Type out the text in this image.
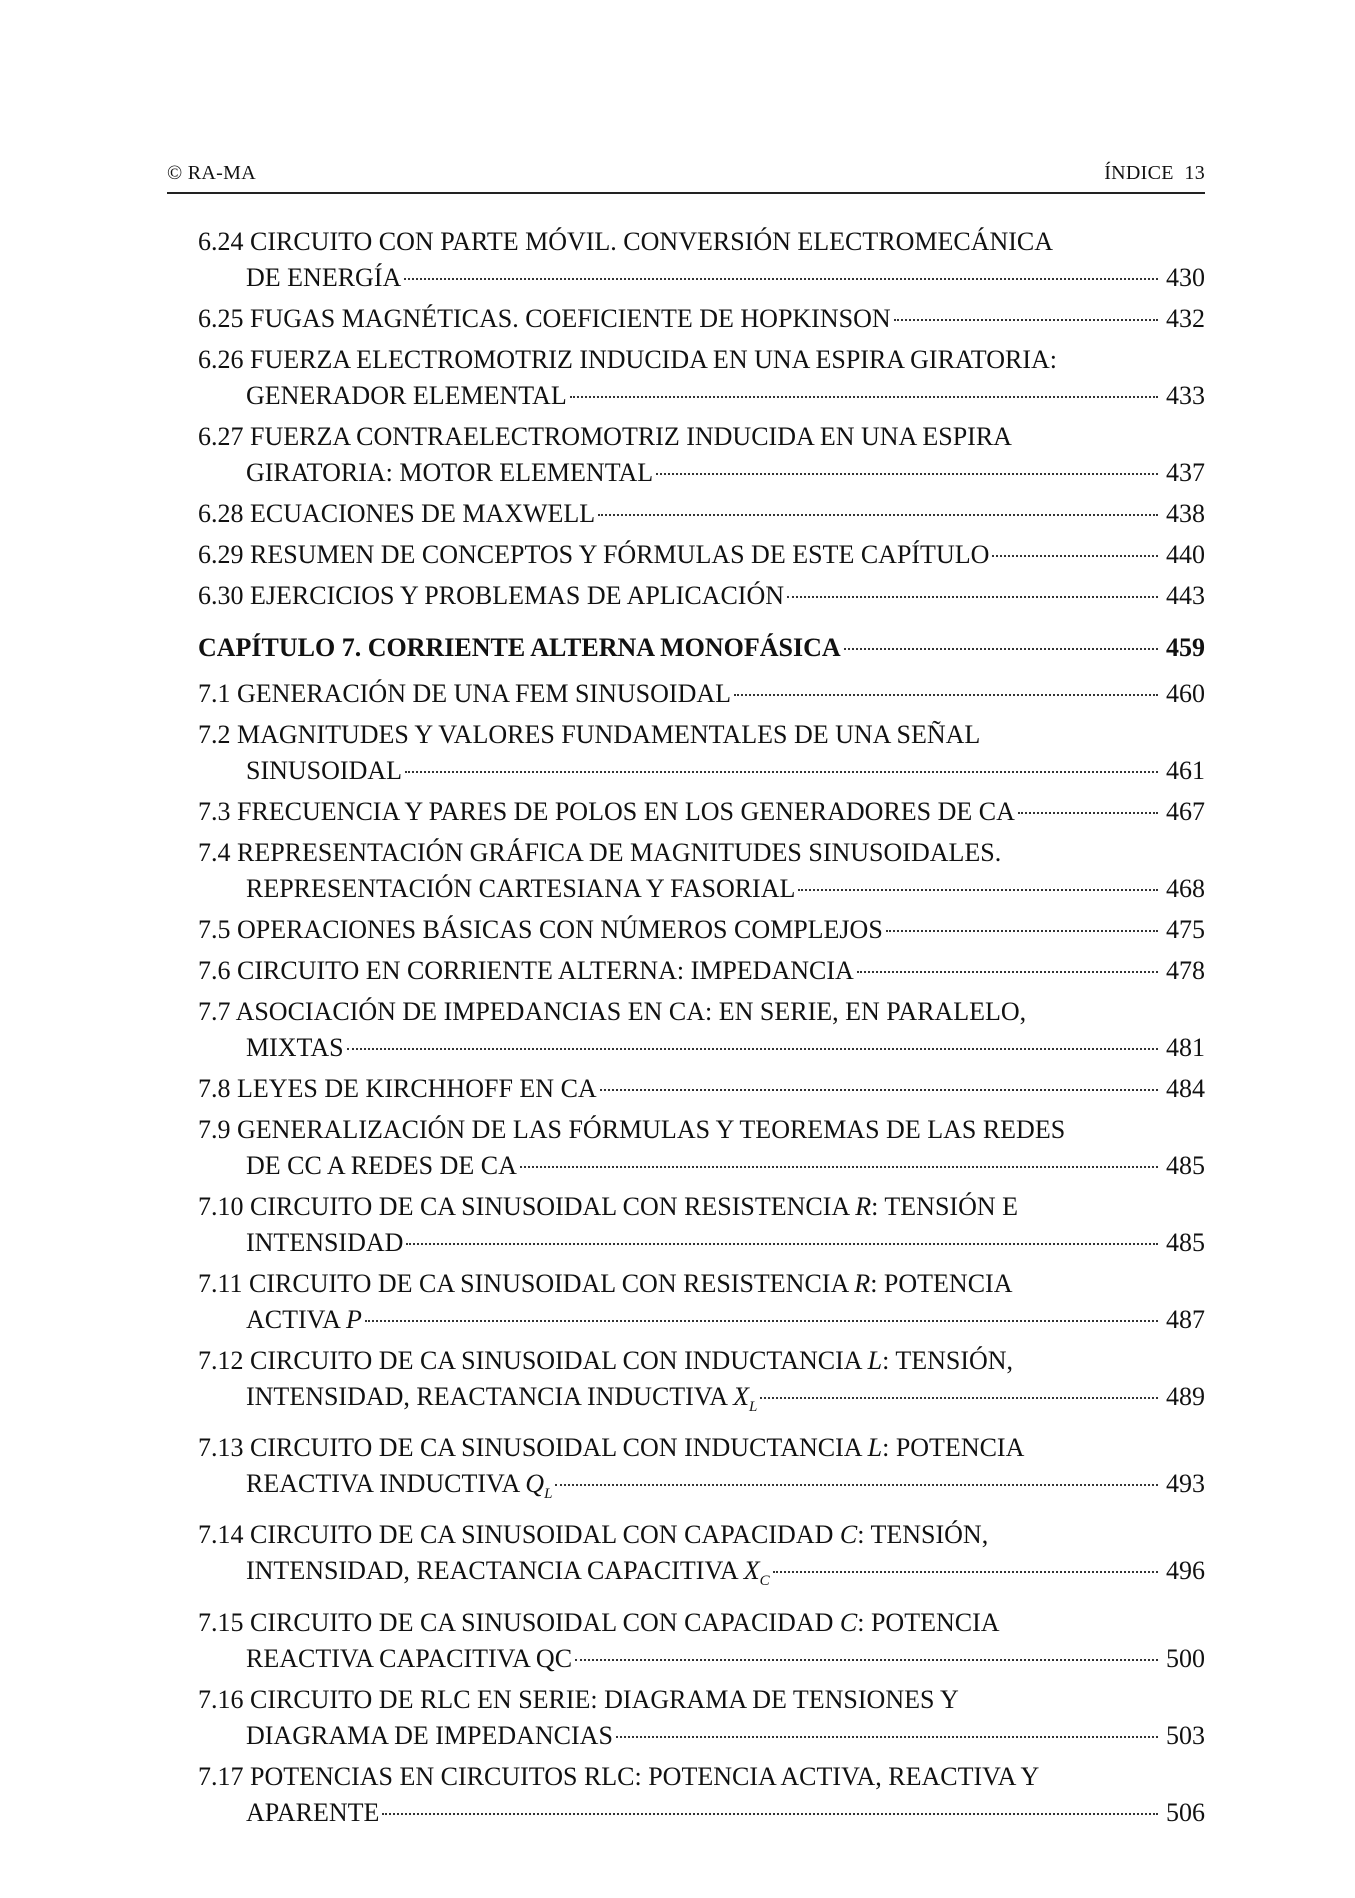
© RA-MA	ÍNDICE 13
6.24 CIRCUITO CON PARTE MÓVIL. CONVERSIÓN ELECTROMECÁNICA
DE ENERGÍA	430
6.25 FUGAS MAGNÉTICAS. COEFICIENTE DE HOPKINSON	432
6.26 FUERZA ELECTROMOTRIZ INDUCIDA EN UNA ESPIRA GIRATORIA:
GENERADOR ELEMENTAL	433
6.27 FUERZA CONTRAELECTROMOTRIZ INDUCIDA EN UNA ESPIRA
GIRATORIA: MOTOR ELEMENTAL	437
6.28 ECUACIONES DE MAXWELL	438
6.29 RESUMEN DE CONCEPTOS Y FÓRMULAS DE ESTE CAPÍTULO	440
6.30 EJERCICIOS Y PROBLEMAS DE APLICACIÓN	443
CAPÍTULO 7. CORRIENTE ALTERNA MONOFÁSICA	459
7.1 GENERACIÓN DE UNA FEM SINUSOIDAL	460
7.2 MAGNITUDES Y VALORES FUNDAMENTALES DE UNA SEÑAL
SINUSOIDAL	461
7.3 FRECUENCIA Y PARES DE POLOS EN LOS GENERADORES DE CA	467
7.4 REPRESENTACIÓN GRÁFICA DE MAGNITUDES SINUSOIDALES.
REPRESENTACIÓN CARTESIANA Y FASORIAL	468
7.5 OPERACIONES BÁSICAS CON NÚMEROS COMPLEJOS	475
7.6 CIRCUITO EN CORRIENTE ALTERNA: IMPEDANCIA	478
7.7 ASOCIACIÓN DE IMPEDANCIAS EN CA: EN SERIE, EN PARALELO,
MIXTAS	481
7.8 LEYES DE KIRCHHOFF EN CA	484
7.9 GENERALIZACIÓN DE LAS FÓRMULAS Y TEOREMAS DE LAS REDES
DE CC A REDES DE CA	485
7.10 CIRCUITO DE CA SINUSOIDAL CON RESISTENCIA R: TENSIÓN E
INTENSIDAD	485
7.11 CIRCUITO DE CA SINUSOIDAL CON RESISTENCIA R: POTENCIA
ACTIVA P	487
7.12 CIRCUITO DE CA SINUSOIDAL CON INDUCTANCIA L: TENSIÓN,
INTENSIDAD, REACTANCIA INDUCTIVA $X_L$	489
7.13 CIRCUITO DE CA SINUSOIDAL CON INDUCTANCIA L: POTENCIA
REACTIVA INDUCTIVA $Q_L$	493
7.14 CIRCUITO DE CA SINUSOIDAL CON CAPACIDAD C: TENSIÓN,
INTENSIDAD, REACTANCIA CAPACITIVA $X_C$	496
7.15 CIRCUITO DE CA SINUSOIDAL CON CAPACIDAD C: POTENCIA
REACTIVA CAPACITIVA QC	500
7.16 CIRCUITO DE RLC EN SERIE: DIAGRAMA DE TENSIONES Y
DIAGRAMA DE IMPEDANCIAS	503
7.17 POTENCIAS EN CIRCUITOS RLC: POTENCIA ACTIVA, REACTIVA Y
APARENTE	506
